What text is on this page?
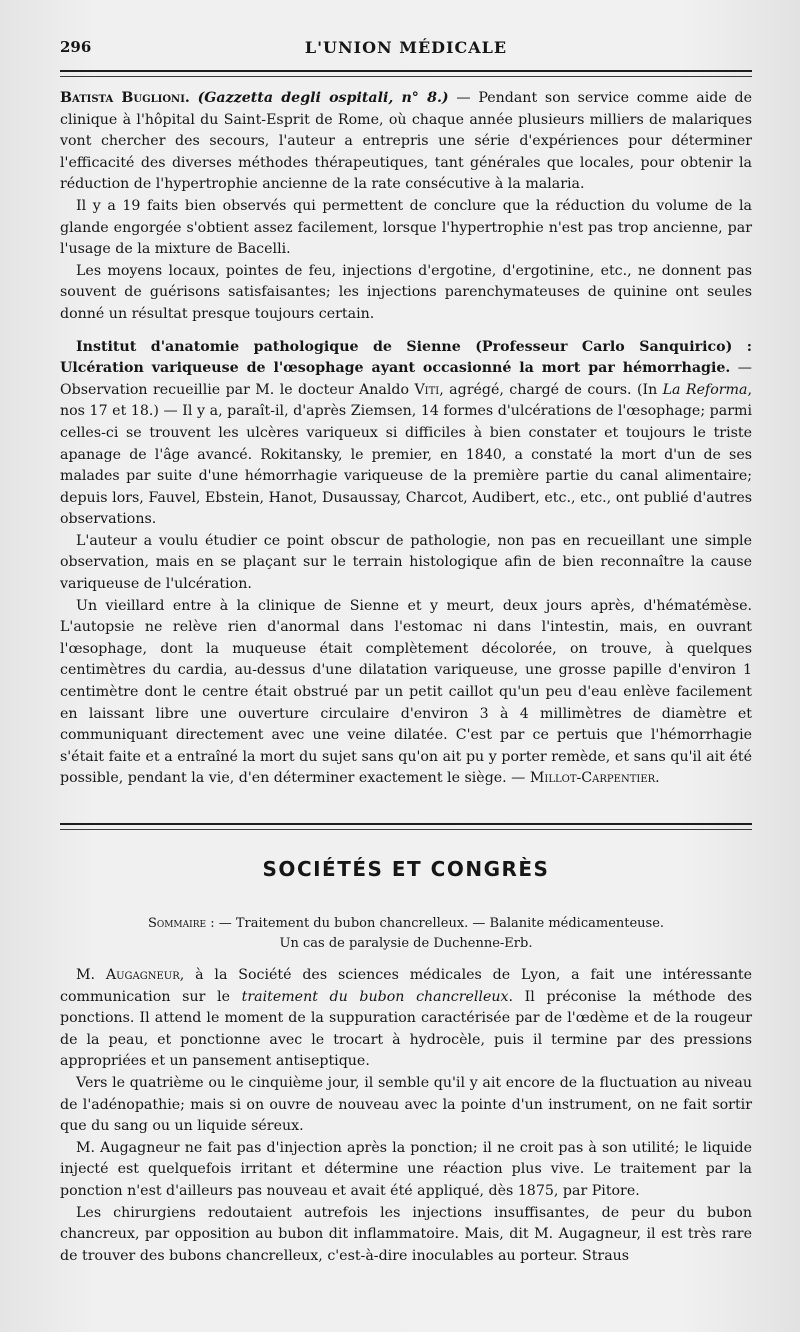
296	L'UNION MÉDICALE

Batista Buglioni. (Gazzetta degli ospitali, n° 8.) — Pendant son service comme aide de clinique à l'hôpital du Saint-Esprit de Rome, où chaque année plusieurs milliers de malariques vont chercher des secours, l'auteur a entrepris une série d'expériences pour déterminer l'efficacité des diverses méthodes thérapeutiques, tant générales que locales, pour obtenir la réduction de l'hypertrophie ancienne de la rate consécutive à la malaria.

Il y a 19 faits bien observés qui permettent de conclure que la réduction du volume de la glande engorgée s'obtient assez facilement, lorsque l'hypertrophie n'est pas trop ancienne, par l'usage de la mixture de Bacelli.

Les moyens locaux, pointes de feu, injections d'ergotine, d'ergotinine, etc., ne donnent pas souvent de guérisons satisfaisantes; les injections parenchymateuses de quinine ont seules donné un résultat presque toujours certain.

Institut d'anatomie pathologique de Sienne (Professeur Carlo Sanquirico) : Ulcération variqueuse de l'œsophage ayant occasionné la mort par hémorrhagie. — Observation recueillie par M. le docteur Analdo Viti, agrégé, chargé de cours. (In La Reforma, nos 17 et 18.) — Il y a, paraît-il, d'après Ziemsen, 14 formes d'ulcérations de l'œsophage; parmi celles-ci se trouvent les ulcères variqueux si difficiles à bien constater et toujours le triste apanage de l'âge avancé. Rokitansky, le premier, en 1840, a constaté la mort d'un de ses malades par suite d'une hémorrhagie variqueuse de la première partie du canal alimentaire; depuis lors, Fauvel, Ebstein, Hanot, Dusaussay, Charcot, Audibert, etc., etc., ont publié d'autres observations.

L'auteur a voulu étudier ce point obscur de pathologie, non pas en recueillant une simple observation, mais en se plaçant sur le terrain histologique afin de bien reconnaître la cause variqueuse de l'ulcération.

Un vieillard entre à la clinique de Sienne et y meurt, deux jours après, d'hématémèse. L'autopsie ne relève rien d'anormal dans l'estomac ni dans l'intestin, mais, en ouvrant l'œsophage, dont la muqueuse était complètement décolorée, on trouve, à quelques centimètres du cardia, au-dessus d'une dilatation variqueuse, une grosse papille d'environ 1 centimètre dont le centre était obstrué par un petit caillot qu'un peu d'eau enlève facilement en laissant libre une ouverture circulaire d'environ 3 à 4 millimètres de diamètre et communiquant directement avec une veine dilatée. C'est par ce pertuis que l'hémorrhagie s'était faite et a entraîné la mort du sujet sans qu'on ait pu y porter remède, et sans qu'il ait été possible, pendant la vie, d'en déterminer exactement le siège. — Millot-Carpentier.

SOCIÉTÉS ET CONGRÈS
Sommaire : — Traitement du bubon chancrelleux. — Balanite médicamenteuse.
Un cas de paralysie de Duchenne-Erb.

M. Augagneur, à la Société des sciences médicales de Lyon, a fait une intéressante communication sur le traitement du bubon chancrelleux. Il préconise la méthode des ponctions. Il attend le moment de la suppuration caractérisée par de l'œdème et de la rougeur de la peau, et ponctionne avec le trocart à hydrocèle, puis il termine par des pressions appropriées et un pansement antiseptique.

Vers le quatrième ou le cinquième jour, il semble qu'il y ait encore de la fluctuation au niveau de l'adénopathie; mais si on ouvre de nouveau avec la pointe d'un instrument, on ne fait sortir que du sang ou un liquide séreux.

M. Augagneur ne fait pas d'injection après la ponction; il ne croit pas à son utilité; le liquide injecté est quelquefois irritant et détermine une réaction plus vive. Le traitement par la ponction n'est d'ailleurs pas nouveau et avait été appliqué, dès 1875, par Pitore.

Les chirurgiens redoutaient autrefois les injections insuffisantes, de peur du bubon chancreux, par opposition au bubon dit inflammatoire. Mais, dit M. Augagneur, il est très rare de trouver des bubons chancrelleux, c'est-à-dire inoculables au porteur. Straus
